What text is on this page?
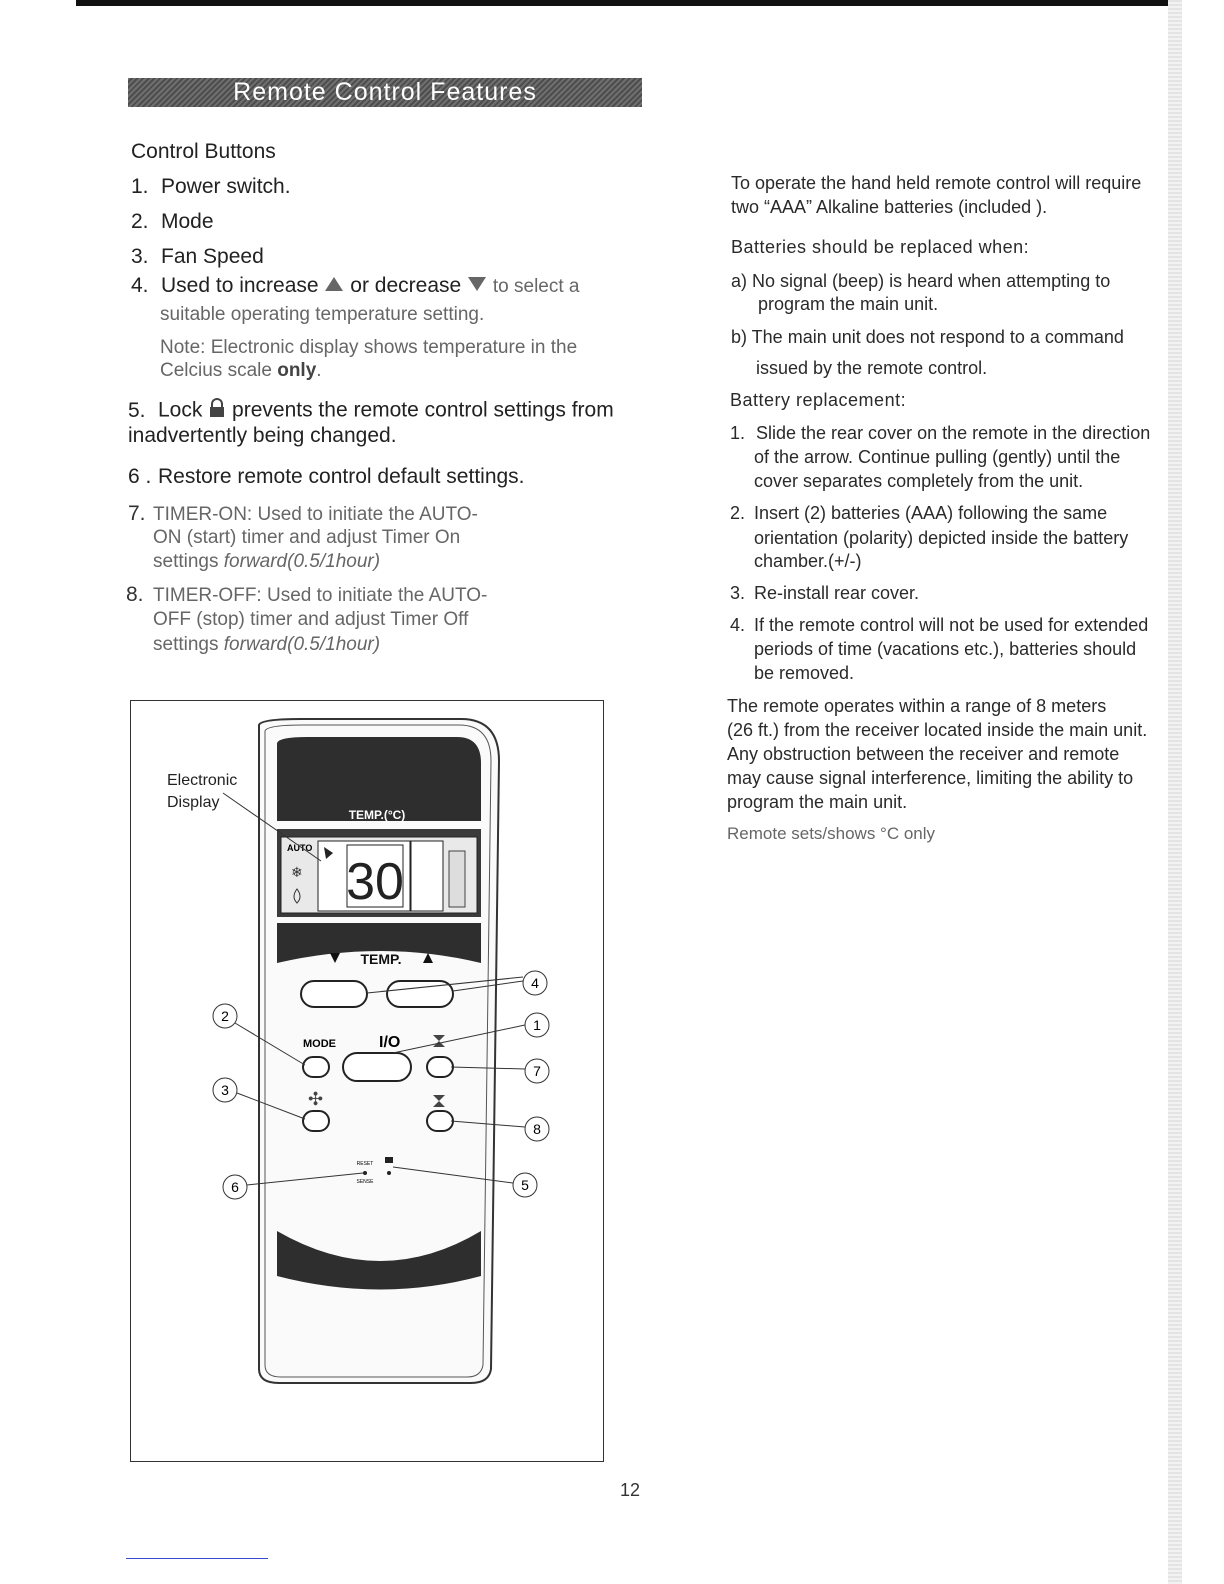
Remote Control Features
Control Buttons
1. Power switch.
2. Mode
3. Fan Speed
4. Used to increase or decrease to select a
suitable operating temperature setting.
Note: Electronic display shows temperature in the
Celcius scale only.
5. Lock prevents the remote control settings from
inadvertently being changed.
6 . Restore remote control default settings.
7. TIMER-ON: Used to initiate the AUTO-
ON (start) timer and adjust Timer On
settings forward(0.5/1hour)
8. TIMER-OFF: Used to initiate the AUTO-
OFF (stop) timer and adjust Timer Off
settings forward(0.5/1hour)
To operate the hand held remote control will require
two “AAA” Alkaline batteries (included ).
Batteries should be replaced when:
a) No signal (beep) is heard when attempting to
program the main unit.
b) The main unit does not respond to a command
issued by the remote control.
Battery replacement:
1. Slide the rear cover on the remote in the direction
of the arrow. Continue pulling (gently) until the
cover separates completely from the unit.
2. Insert (2) batteries (AAA) following the same
orientation (polarity) depicted inside the battery
chamber.(+/-)
3. Re-install rear cover.
4. If the remote control will not be used for extended
periods of time (vacations etc.), batteries should
be removed.
The remote operates within a range of 8 meters
(26 ft.) from the receiver located inside the main unit.
Any obstruction between the receiver and remote
may cause signal interference, limiting the ability to
program the main unit.
Remote sets/shows °C only
TEMP.(°C)
AUTO
❄ 30
TEMP.
MODE	I/O
✣
RESET
SENSE
Electronic
Display
2
3
6
4
1
7
8
5
12
